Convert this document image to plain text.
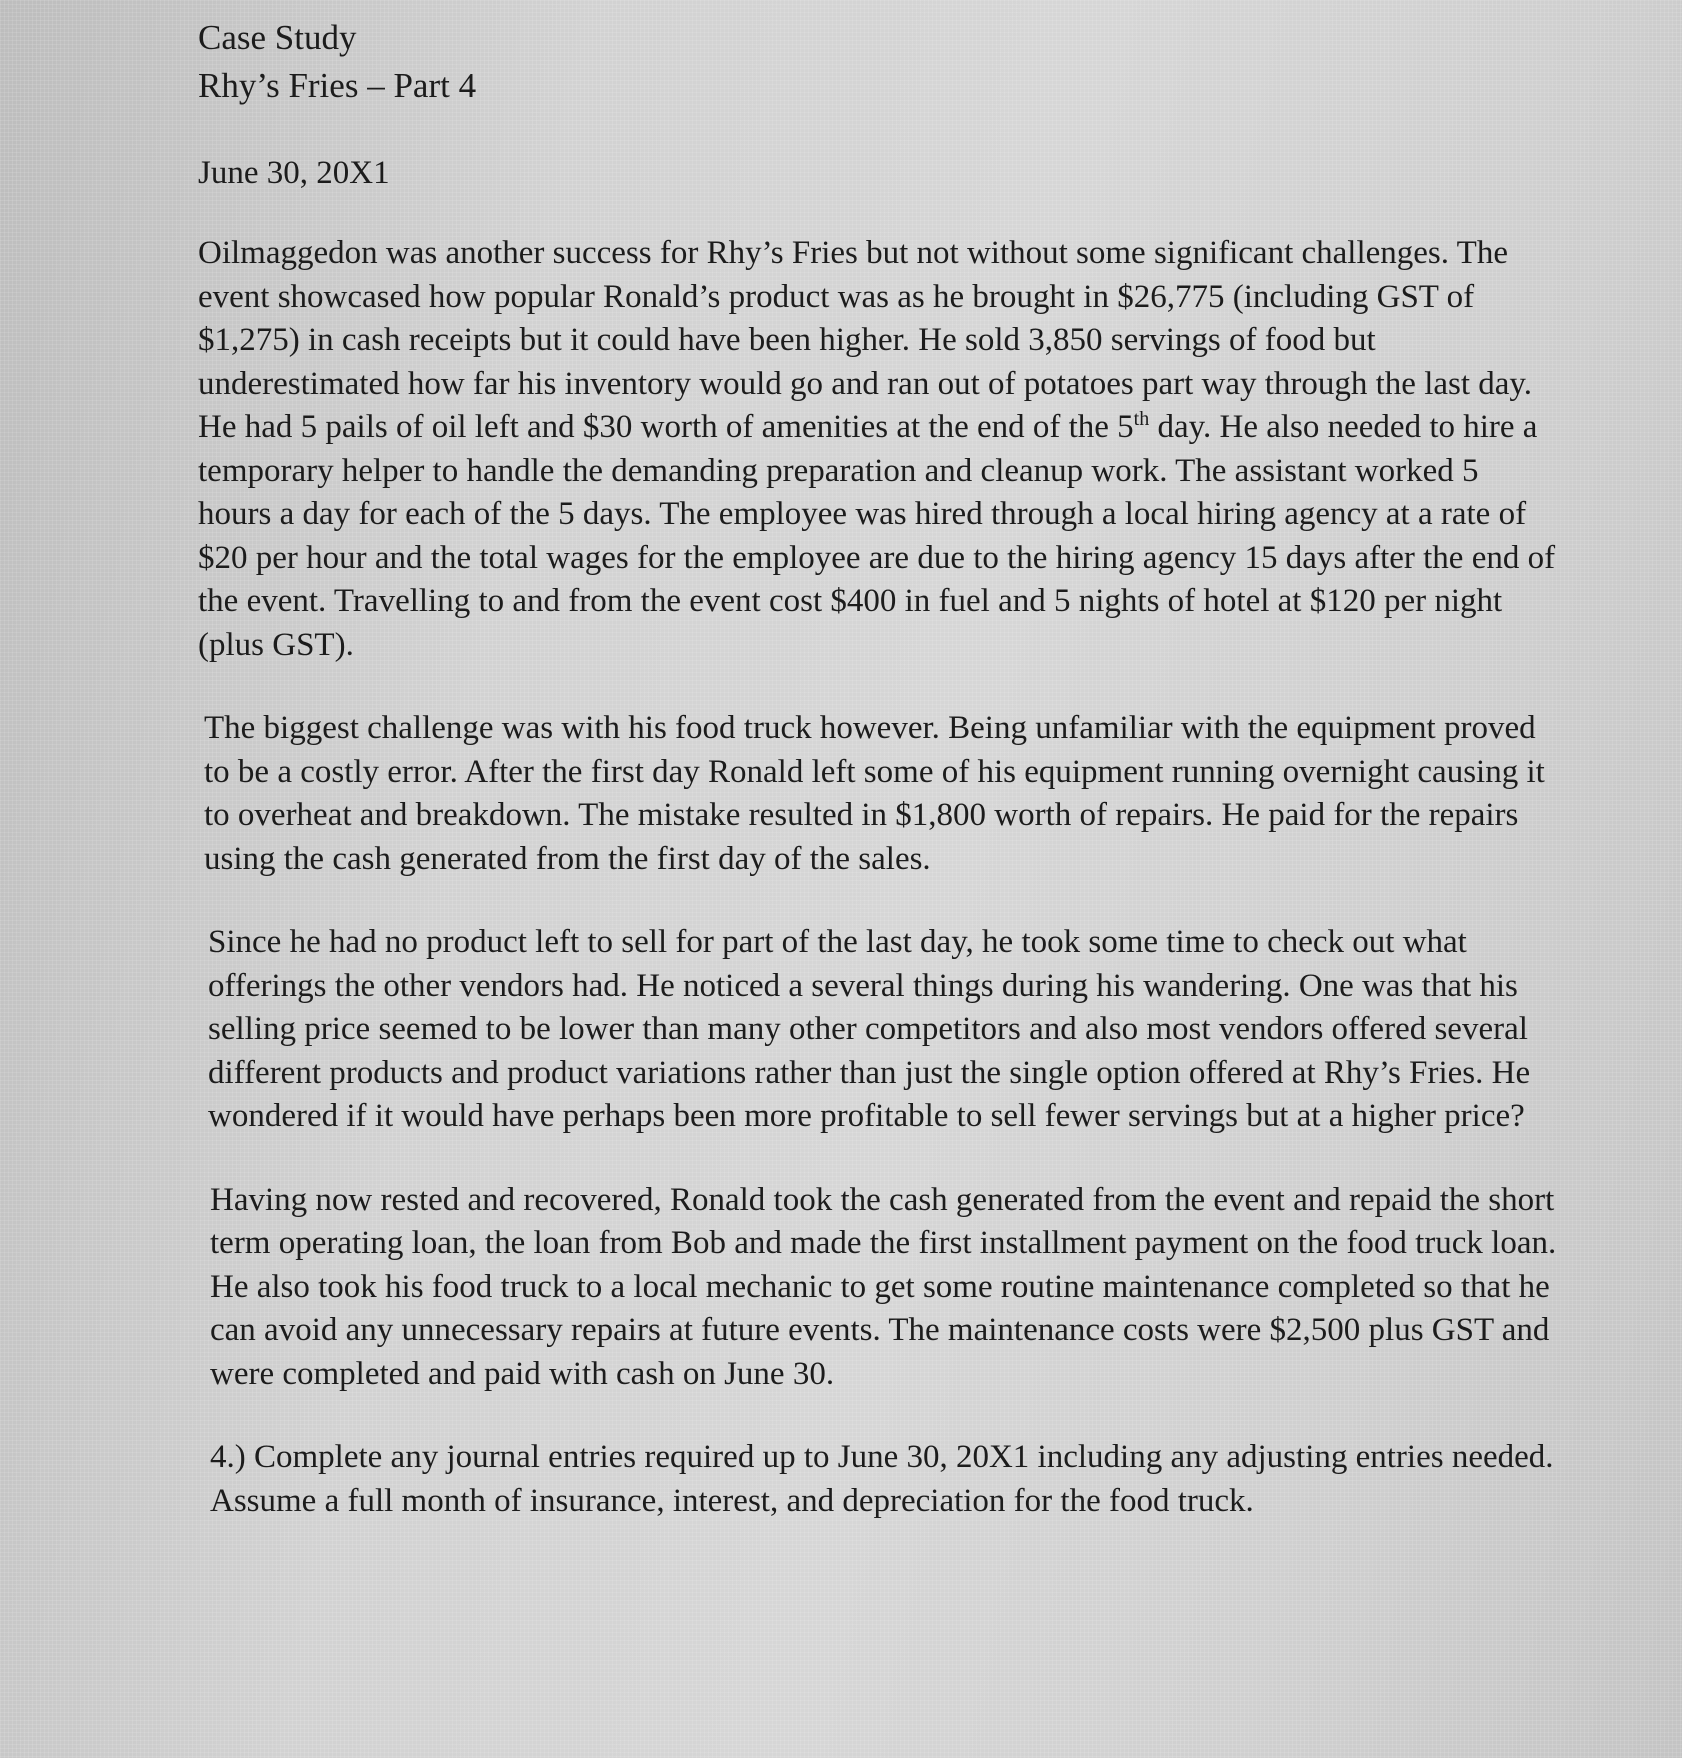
Case Study

Rhy’s Fries – Part 4

June 30, 20X1

Oilmaggedon was another success for Rhy’s Fries but not without some significant challenges. The event showcased how popular Ronald’s product was as he brought in $26,775 (including GST of $1,275) in cash receipts but it could have been higher. He sold 3,850 servings of food but underestimated how far his inventory would go and ran out of potatoes part way through the last day. He had 5 pails of oil left and $30 worth of amenities at the end of the 5th day. He also needed to hire a temporary helper to handle the demanding preparation and cleanup work. The assistant worked 5 hours a day for each of the 5 days. The employee was hired through a local hiring agency at a rate of $20 per hour and the total wages for the employee are due to the hiring agency 15 days after the end of the event. Travelling to and from the event cost $400 in fuel and 5 nights of hotel at $120 per night (plus GST).

The biggest challenge was with his food truck however. Being unfamiliar with the equipment proved to be a costly error. After the first day Ronald left some of his equipment running overnight causing it to overheat and breakdown. The mistake resulted in $1,800 worth of repairs. He paid for the repairs using the cash generated from the first day of the sales.

Since he had no product left to sell for part of the last day, he took some time to check out what offerings the other vendors had. He noticed a several things during his wandering. One was that his selling price seemed to be lower than many other competitors and also most vendors offered several different products and product variations rather than just the single option offered at Rhy’s Fries. He wondered if it would have perhaps been more profitable to sell fewer servings but at a higher price?

Having now rested and recovered, Ronald took the cash generated from the event and repaid the short term operating loan, the loan from Bob and made the first installment payment on the food truck loan. He also took his food truck to a local mechanic to get some routine maintenance completed so that he can avoid any unnecessary repairs at future events. The maintenance costs were $2,500 plus GST and were completed and paid with cash on June 30.

4.) Complete any journal entries required up to June 30, 20X1 including any adjusting entries needed. Assume a full month of insurance, interest, and depreciation for the food truck.
